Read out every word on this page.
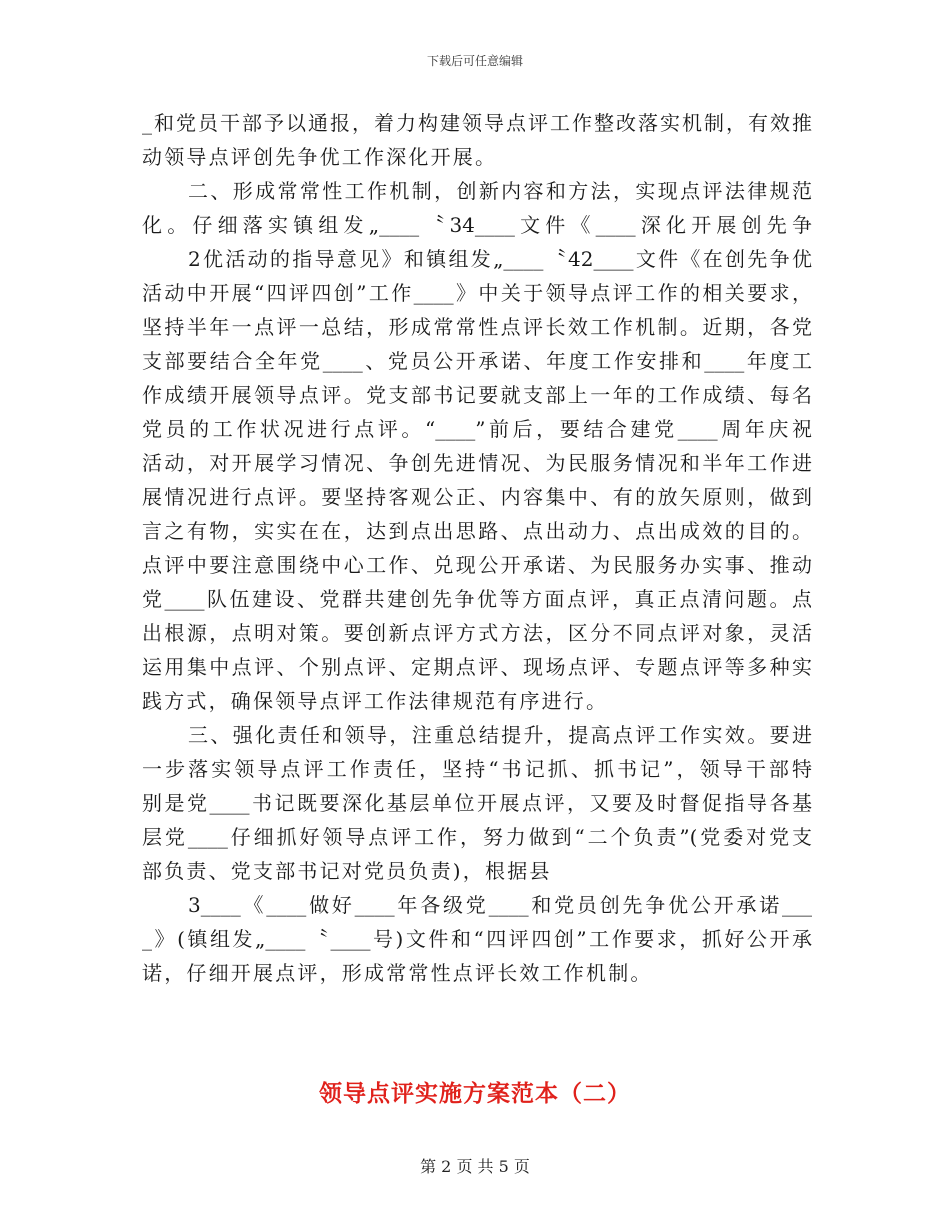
下载后可任意编辑
_和党员干部予以通报，着力构建领导点评工作整改落实机制，有效推
动领导点评创先争优工作深化开展。
二、形成常常性工作机制，创新内容和方法，实现点评法律规范
化。仔细落实镇组发„____〝34____文件《____深化开展创先争
2优活动的指导意见》和镇组发„____〝42____文件《在创先争优
活动中开展“四评四创”工作____》中关于领导点评工作的相关要求，
坚持半年一点评一总结，形成常常性点评长效工作机制。近期，各党
支部要结合全年党____、党员公开承诺、年度工作安排和____年度工
作成绩开展领导点评。党支部书记要就支部上一年的工作成绩、每名
党员的工作状况进行点评。“____”前后，要结合建党____周年庆祝
活动，对开展学习情况、争创先进情况、为民服务情况和半年工作进
展情况进行点评。要坚持客观公正、内容集中、有的放矢原则，做到
言之有物，实实在在，达到点出思路、点出动力、点出成效的目的。
点评中要注意围绕中心工作、兑现公开承诺、为民服务办实事、推动
党____队伍建设、党群共建创先争优等方面点评，真正点清问题。点
出根源，点明对策。要创新点评方式方法，区分不同点评对象，灵活
运用集中点评、个别点评、定期点评、现场点评、专题点评等多种实
践方式，确保领导点评工作法律规范有序进行。
三、强化责任和领导，注重总结提升，提高点评工作实效。要进
一步落实领导点评工作责任，坚持“书记抓、抓书记”，领导干部特
别是党____书记既要深化基层单位开展点评，又要及时督促指导各基
层党____仔细抓好领导点评工作，努力做到“二个负责”(党委对党支
部负责、党支部书记对党员负责)，根据县
3____《____做好____年各级党____和党员创先争优公开承诺___
_》(镇组发„____〝____号)文件和“四评四创”工作要求，抓好公开承
诺，仔细开展点评，形成常常性点评长效工作机制。
领导点评实施方案范本（二）
第 2 页 共 5 页
